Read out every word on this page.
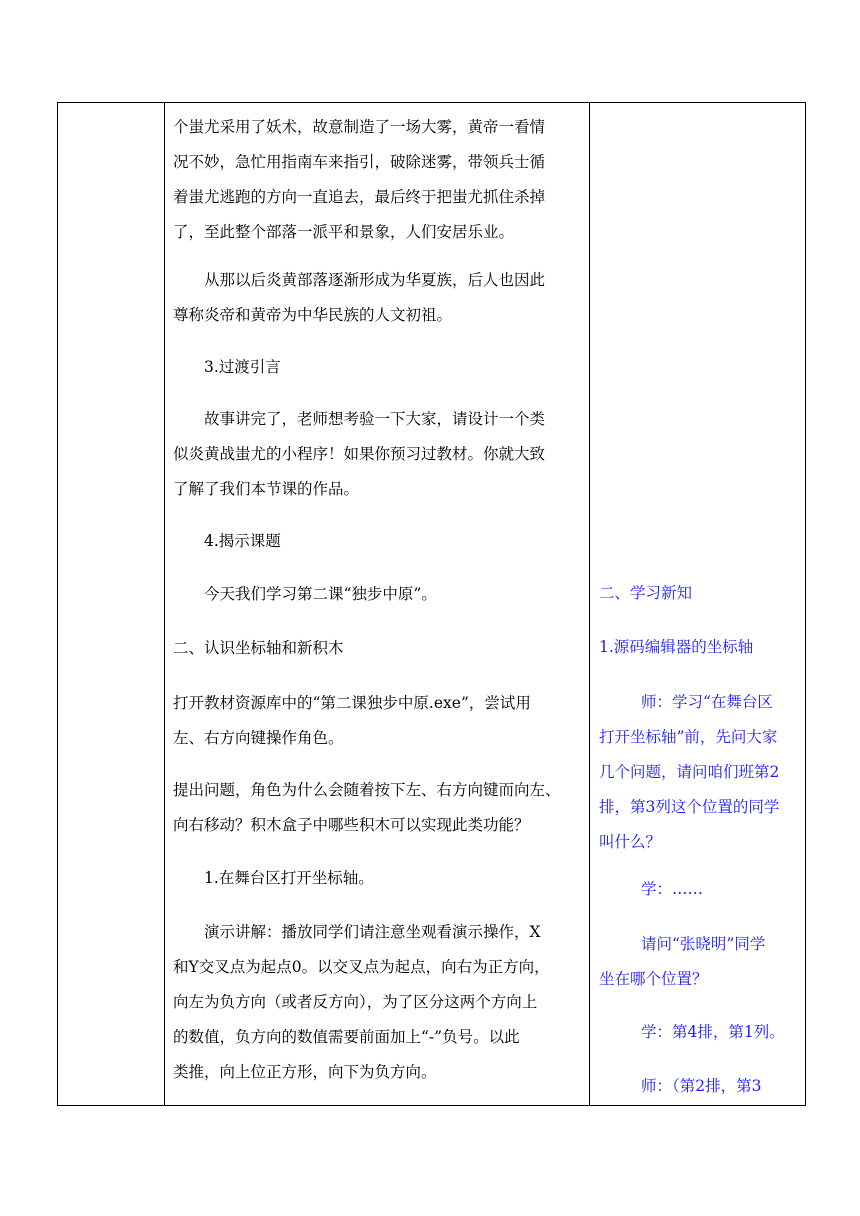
个蚩尤采用了妖术，故意制造了一场大雾，黄帝一看情

况不妙，急忙用指南车来指引，破除迷雾，带领兵士循

着蚩尤逃跑的方向一直追去，最后终于把蚩尤抓住杀掉

了，至此整个部落一派平和景象，人们安居乐业。

从那以后炎黄部落逐渐形成为华夏族，后人也因此

尊称炎帝和黄帝为中华民族的人文初祖。

3.过渡引言

故事讲完了，老师想考验一下大家，请设计一个类

似炎黄战蚩尤的小程序！如果你预习过教材。你就大致

了解了我们本节课的作品。

4.揭示课题

今天我们学习第二课“独步中原”。

二、认识坐标轴和新积木

打开教材资源库中的“第二课独步中原.exe”，尝试用

左、右方向键操作角色。

提出问题，角色为什么会随着按下左、右方向键而向左、

向右移动？积木盒子中哪些积木可以实现此类功能？

1.在舞台区打开坐标轴。

演示讲解：播放同学们请注意坐观看演示操作，X

和Y交叉点为起点0。以交叉点为起点，向右为正方向，

向左为负方向（或者反方向），为了区分这两个方向上

的数值，负方向的数值需要前面加上“-”负号。以此

类推，向上位正方形，向下为负方向。

二、学习新知

1.源码编辑器的坐标轴

师：学习“在舞台区

打开坐标轴”前，先问大家

几个问题，请问咱们班第2

排，第3列这个位置的同学

叫什么？

学：……

请问“张晓明”同学

坐在哪个位置？

学：第4排，第1列。

师：（第2排，第3
